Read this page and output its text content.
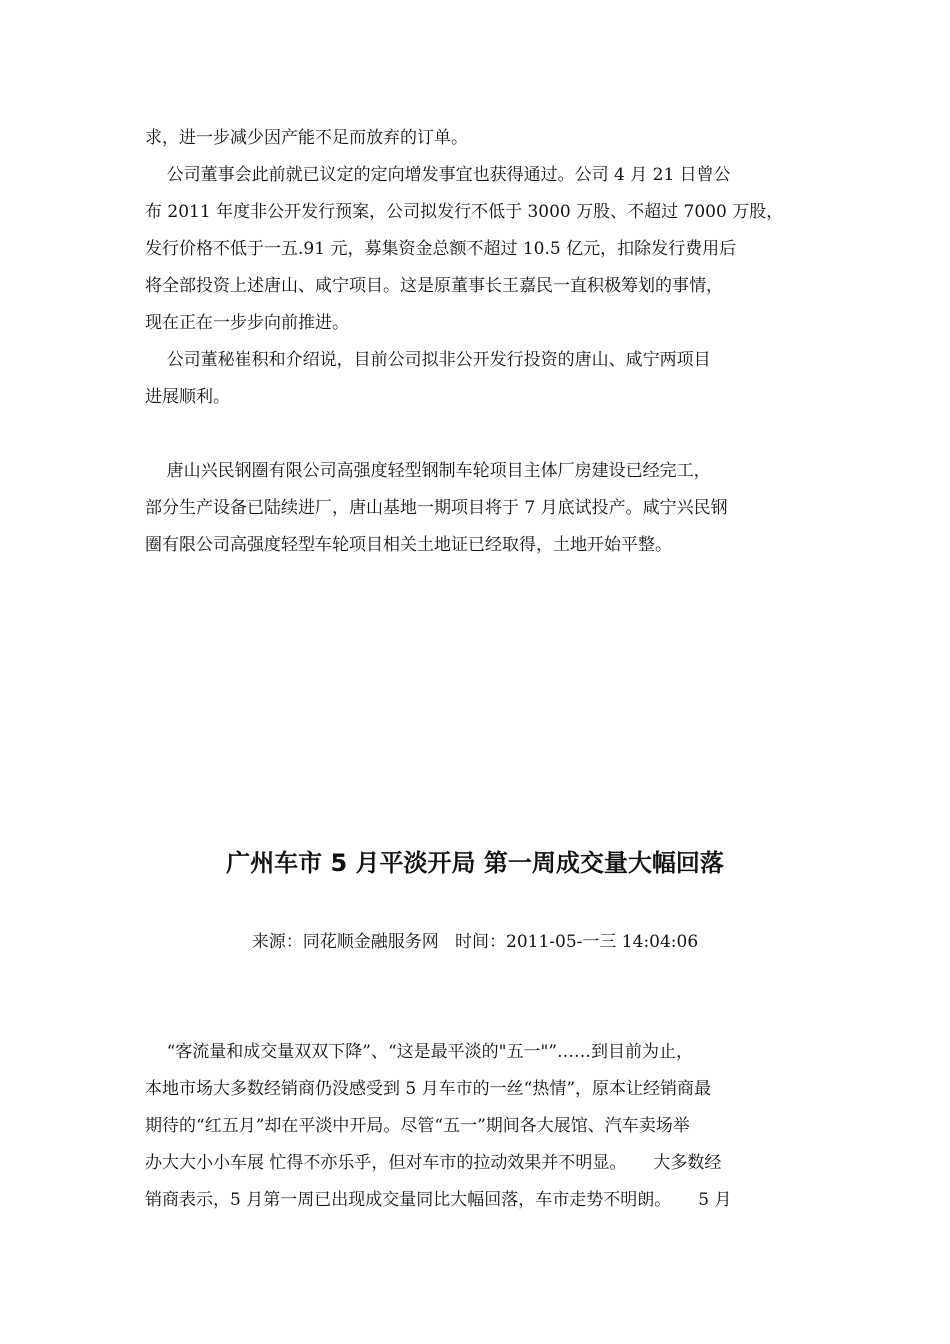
求，进一步减少因产能不足而放弃的订单。
公司董事会此前就已议定的定向增发事宜也获得通过。公司 4 月 21 日曾公
布 2011 年度非公开发行预案，公司拟发行不低于 3000 万股、不超过 7000 万股，
发行价格不低于一五.91 元，募集资金总额不超过 10.5 亿元，扣除发行费用后
将全部投资上述唐山、咸宁项目。这是原董事长王嘉民一直积极筹划的事情，
现在正在一步步向前推进。
公司董秘崔积和介绍说，目前公司拟非公开发行投资的唐山、咸宁两项目
进展顺利。
唐山兴民钢圈有限公司高强度轻型钢制车轮项目主体厂房建设已经完工，
部分生产设备已陆续进厂，唐山基地一期项目将于 7 月底试投产。咸宁兴民钢
圈有限公司高强度轻型车轮项目相关土地证已经取得，土地开始平整。
广州车市 5 月平淡开局 第一周成交量大幅回落
来源：同花顺金融服务网   时间：2011-05-一三 14:04:06
“客流量和成交量双双下降”、“这是最平淡的"五一"”……到目前为止，
本地市场大多数经销商仍没感受到 5 月车市的一丝“热情”，原本让经销商最
期待的“红五月”却在平淡中开局。尽管“五一”期间各大展馆、汽车卖场举
办大大小小车展 忙得不亦乐乎，但对车市的拉动效果并不明显。     大多数经
销商表示，5 月第一周已出现成交量同比大幅回落，车市走势不明朗。     5 月
